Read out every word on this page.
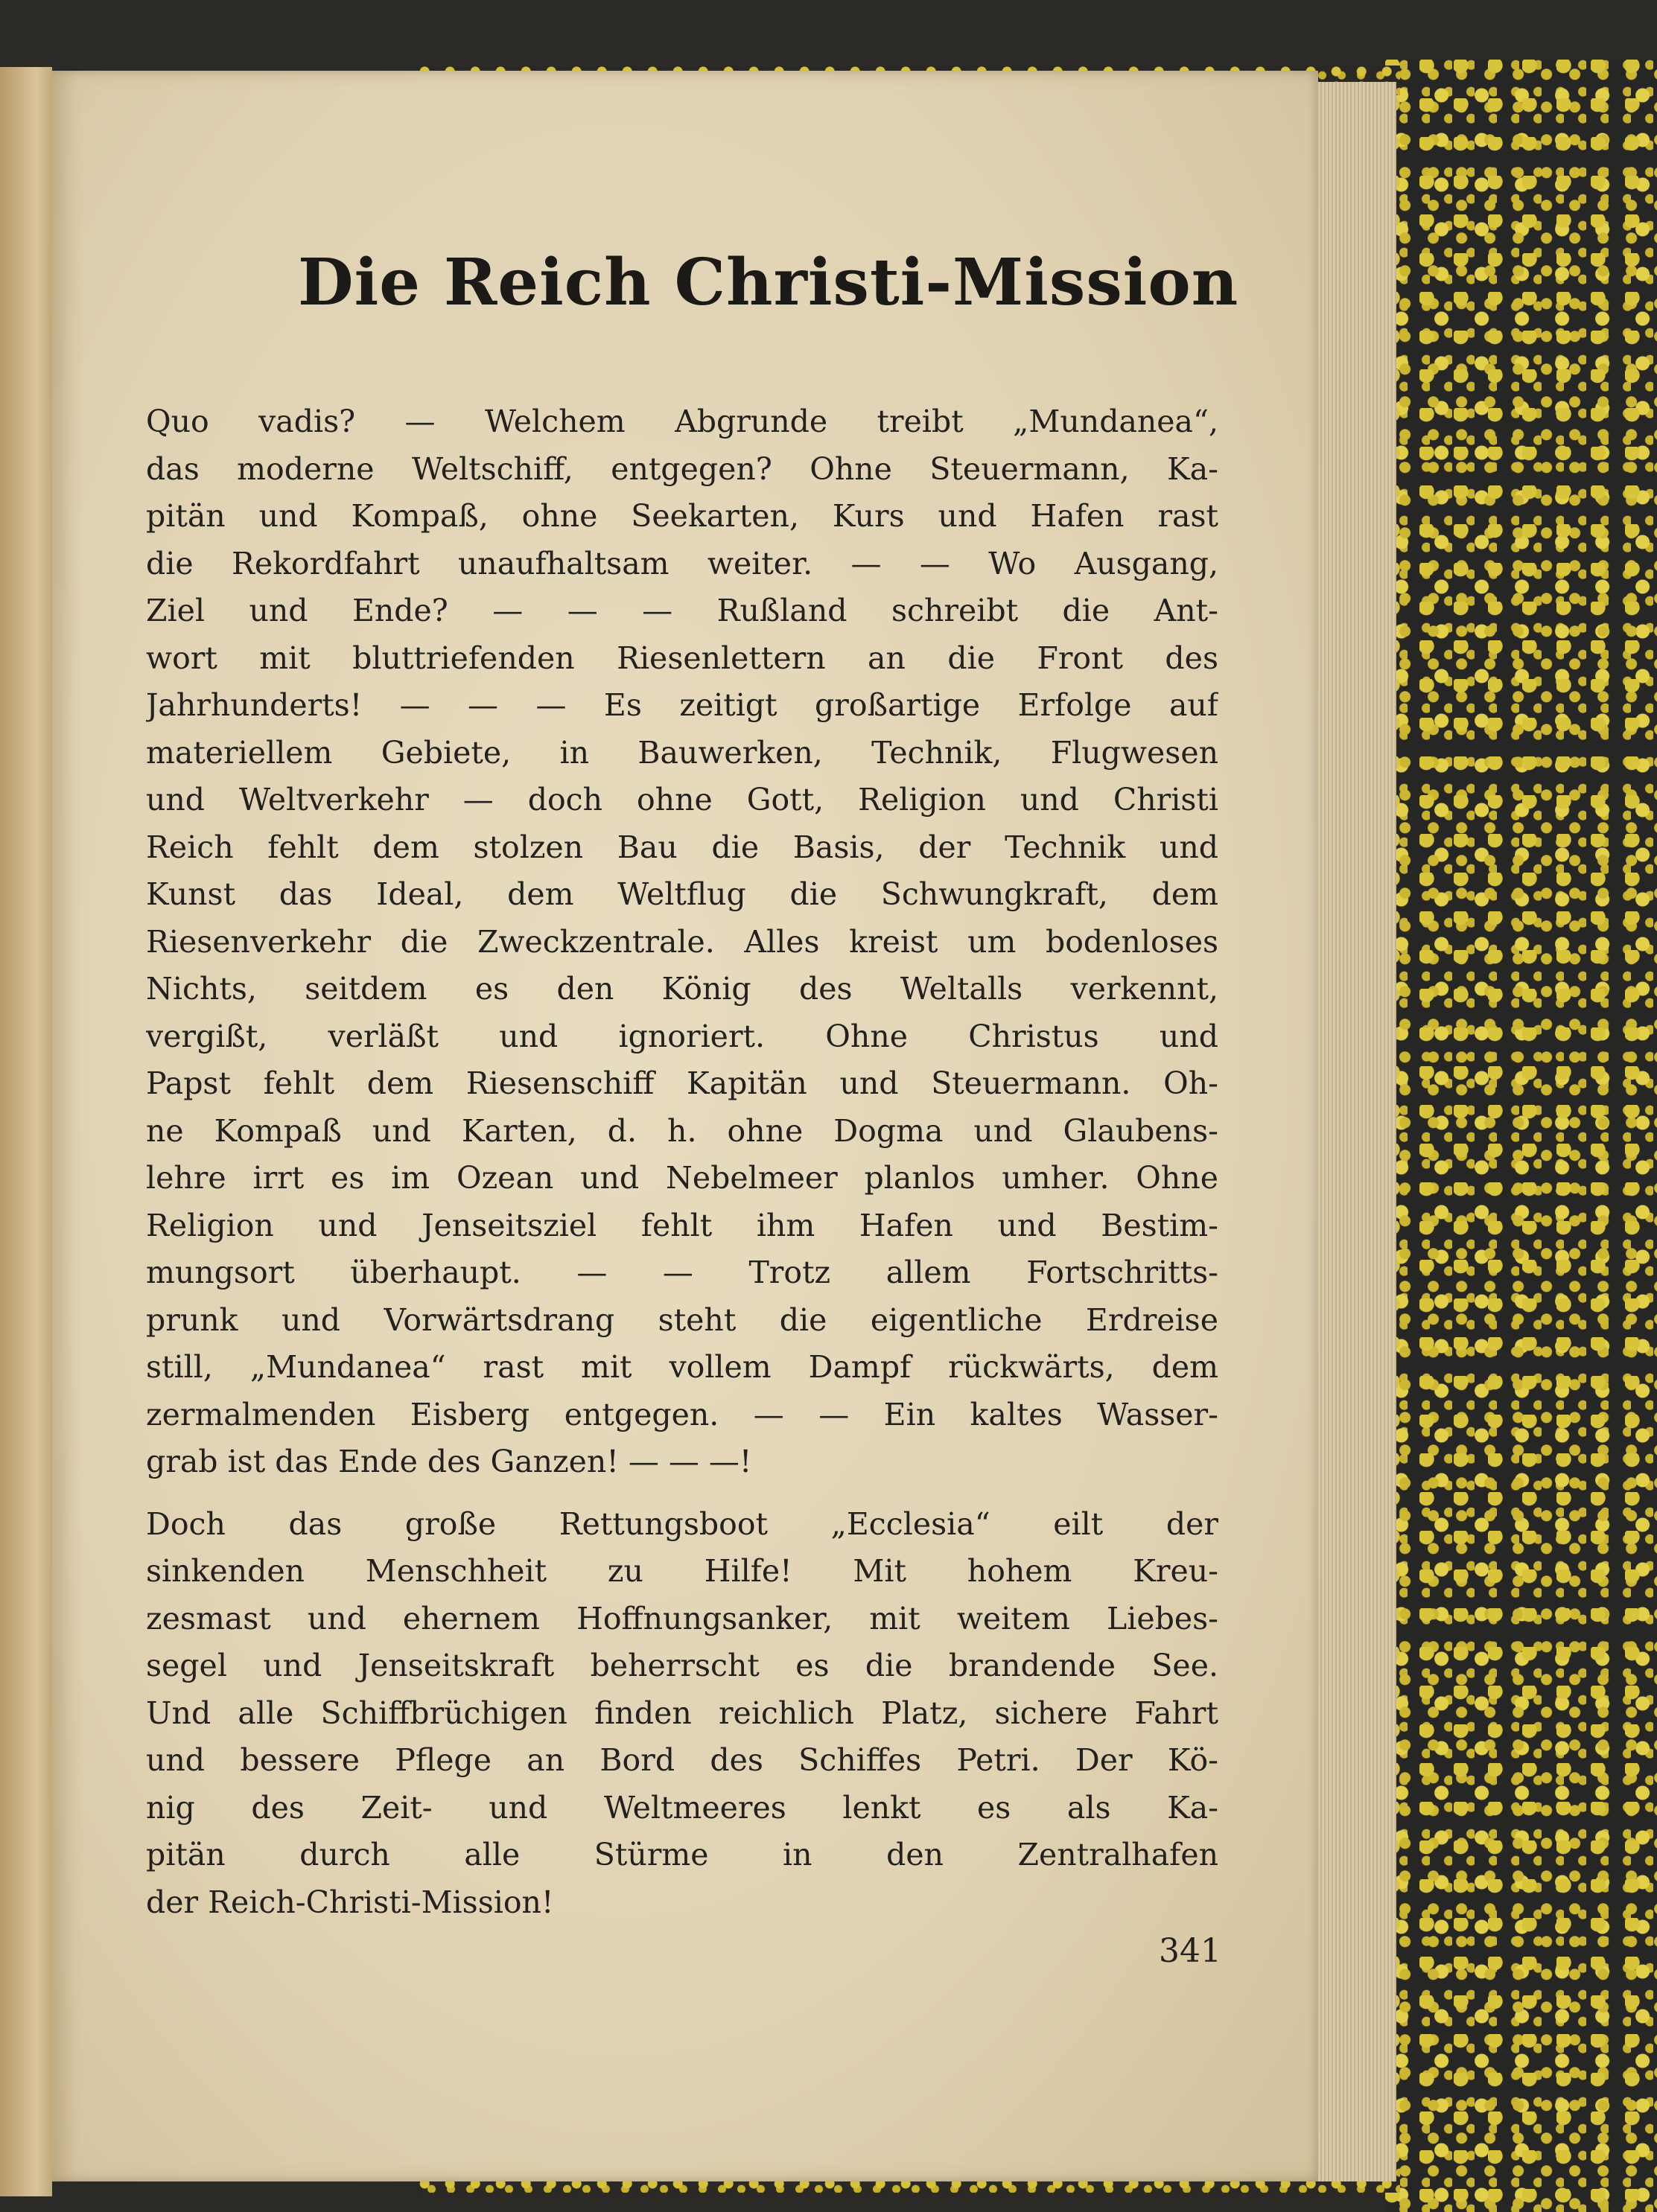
Die Reich Christi-Mission
Quo vadis? — Welchem Abgrunde treibt „Mundanea“,
das moderne Weltschiff, entgegen? Ohne Steuermann, Ka-
pitän und Kompaß, ohne Seekarten, Kurs und Hafen rast
die Rekordfahrt unaufhaltsam weiter. — — Wo Ausgang,
Ziel und Ende? — — — Rußland schreibt die Ant-
wort mit bluttriefenden Riesenlettern an die Front des
Jahrhunderts! — — — Es zeitigt großartige Erfolge auf
materiellem Gebiete, in Bauwerken, Technik, Flugwesen
und Weltverkehr — doch ohne Gott, Religion und Christi
Reich fehlt dem stolzen Bau die Basis, der Technik und
Kunst das Ideal, dem Weltflug die Schwungkraft, dem
Riesenverkehr die Zweckzentrale. Alles kreist um bodenloses
Nichts, seitdem es den König des Weltalls verkennt,
vergißt, verläßt und ignoriert. Ohne Christus und
Papst fehlt dem Riesenschiff Kapitän und Steuermann. Oh-
ne Kompaß und Karten, d. h. ohne Dogma und Glaubens-
lehre irrt es im Ozean und Nebelmeer planlos umher. Ohne
Religion und Jenseitsziel fehlt ihm Hafen und Bestim-
mungsort überhaupt. — — Trotz allem Fortschritts-
prunk und Vorwärtsdrang steht die eigentliche Erdreise
still, „Mundanea“ rast mit vollem Dampf rückwärts, dem
zermalmenden Eisberg entgegen. — — Ein kaltes Wasser-
grab ist das Ende des Ganzen! — — —!
Doch das große Rettungsboot „Ecclesia“ eilt der
sinkenden Menschheit zu Hilfe! Mit hohem Kreu-
zesmast und ehernem Hoffnungsanker, mit weitem Liebes-
segel und Jenseitskraft beherrscht es die brandende See.
Und alle Schiffbrüchigen finden reichlich Platz, sichere Fahrt
und bessere Pflege an Bord des Schiffes Petri. Der Kö-
nig des Zeit- und Weltmeeres lenkt es als Ka-
pitän durch alle Stürme in den Zentralhafen
der Reich-Christi-Mission!
341
